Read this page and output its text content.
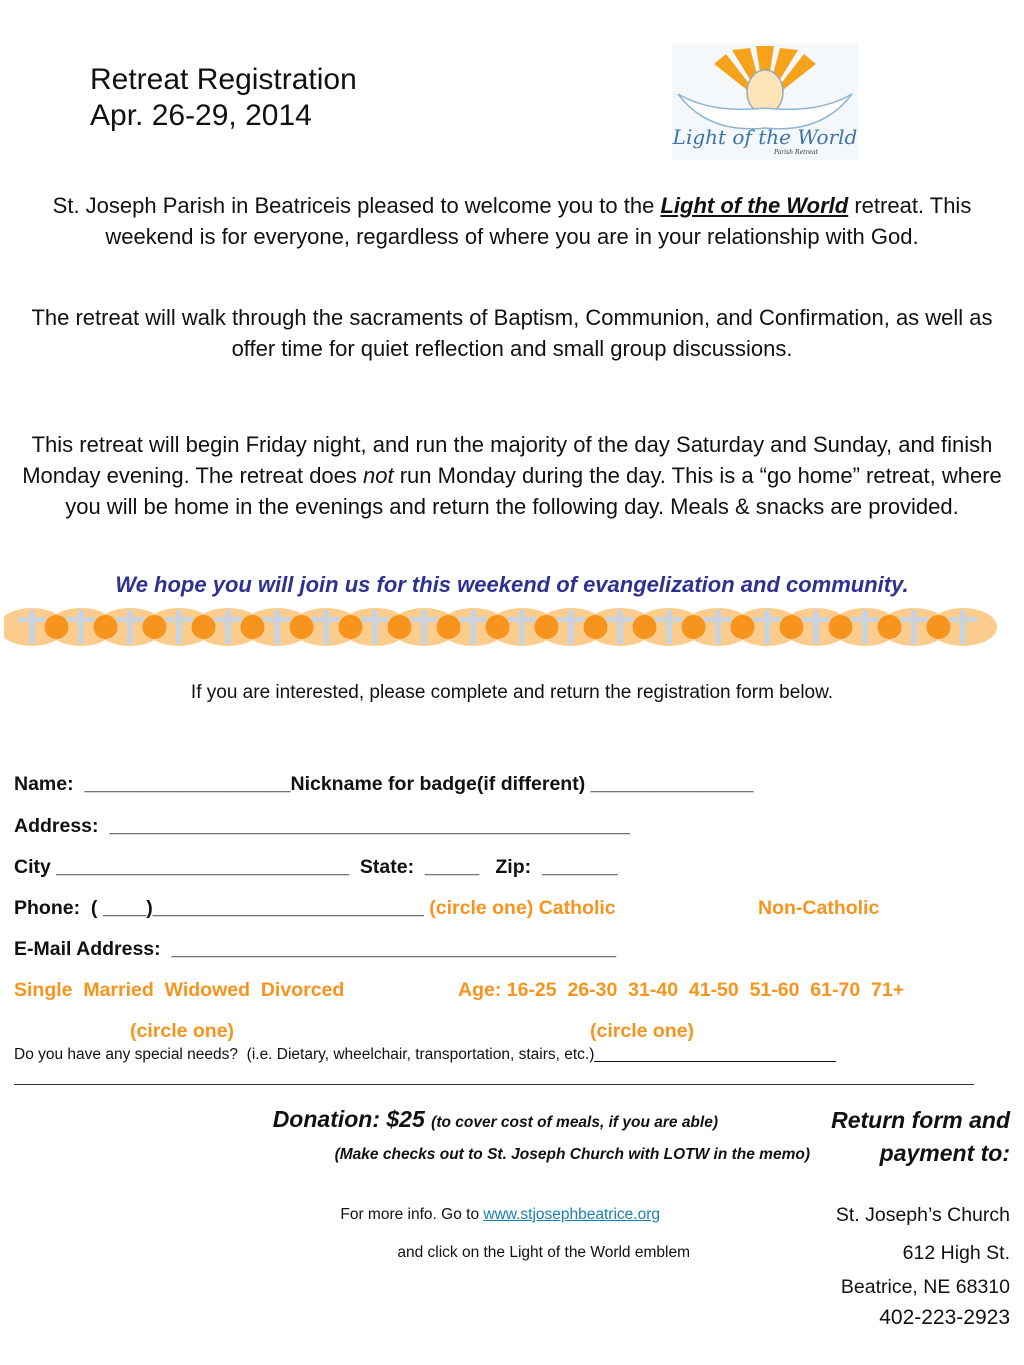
Retreat Registration
Apr. 26-29, 2014
Light of the World
Parish Retreat
St. Joseph Parish in Beatriceis pleased to welcome you to the Light of the World retreat. This weekend is for everyone, regardless of where you are in your relationship with God.
The retreat will walk through the sacraments of Baptism, Communion, and Confirmation, as well as offer time for quiet reflection and small group discussions.
This retreat will begin Friday night, and run the majority of the day Saturday and Sunday, and finish Monday evening. The retreat does not run Monday during the day. This is a “go home” retreat, where you will be home in the evenings and return the following day. Meals & snacks are provided.
We hope you will join us for this weekend of evangelization and community.
If you are interested, please complete and return the registration form below.
Name:  ___________________Nickname for badge(if different) _______________
Address:  ________________________________________________
City ___________________________  State:  _____   Zip:  _______
Phone:  ( ____)_________________________ (circle one) Catholic	Non-Catholic
E-Mail Address:  _________________________________________
Single  Married  Widowed  Divorced	Age: 16-25  26-30  31-40  41-50  51-60  61-70  71+
(circle one)	(circle one)
Do you have any special needs?  (i.e. Dietary, wheelchair, transportation, stairs, etc.)____________________________
Donation: $25 (to cover cost of meals, if you are able)
(Make checks out to St. Joseph Church with LOTW in the memo)
Return form and
payment to:
For more info. Go to www.stjosephbeatrice.org
and click on the Light of the World emblem
St. Joseph’s Church
612 High St.
Beatrice, NE 68310
402-223-2923
